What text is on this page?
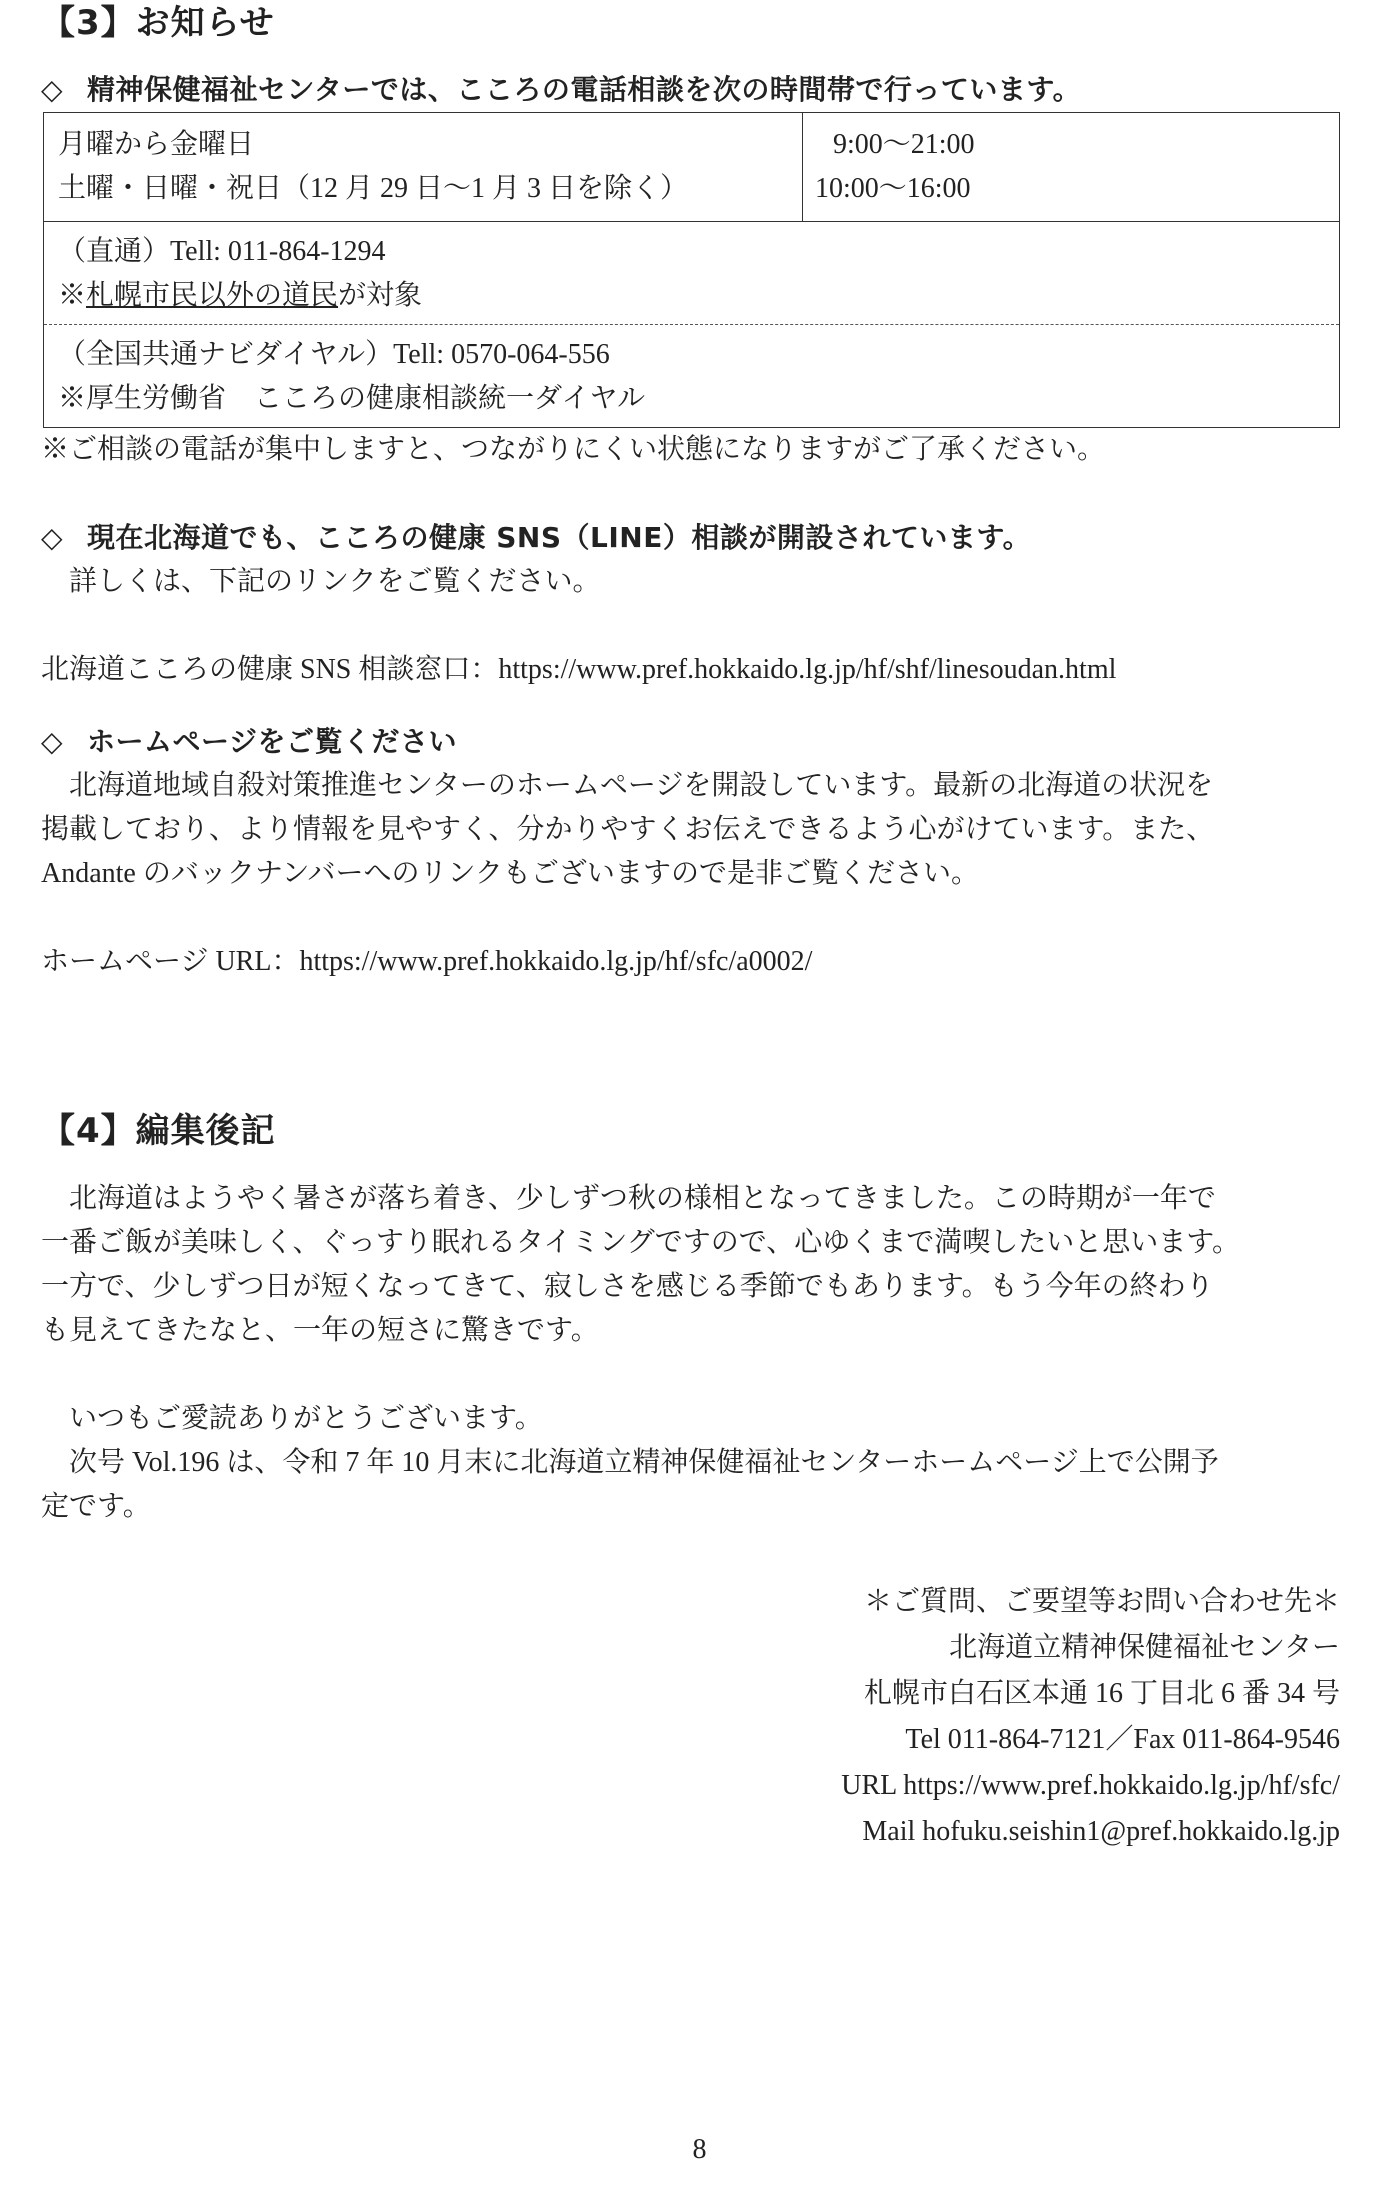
【3】お知らせ

◇ 精神保健福祉センターでは、こころの電話相談を次の時間帯で行っています。

月曜から金曜日
土曜・日曜・祝日（12 月 29 日〜1 月 3 日を除く）
9:00〜21:00
10:00〜16:00
（直通）Tell: 011-864-1294
※札幌市民以外の道民が対象
（全国共通ナビダイヤル）Tell: 0570-064-556
※厚生労働省　こころの健康相談統一ダイヤル

※ご相談の電話が集中しますと、つながりにくい状態になりますがご了承ください。

◇ 現在北海道でも、こころの健康 SNS（LINE）相談が開設されています。

詳しくは、下記のリンクをご覧ください。

北海道こころの健康 SNS 相談窓口：https://www.pref.hokkaido.lg.jp/hf/shf/linesoudan.html

◇ ホームページをご覧ください

北海道地域自殺対策推進センターのホームページを開設しています。最新の北海道の状況を

掲載しており、より情報を見やすく、分かりやすくお伝えできるよう心がけています。また、

Andante のバックナンバーへのリンクもございますので是非ご覧ください。

ホームページ URL：https://www.pref.hokkaido.lg.jp/hf/sfc/a0002/

【4】編集後記

北海道はようやく暑さが落ち着き、少しずつ秋の様相となってきました。この時期が一年で

一番ご飯が美味しく、ぐっすり眠れるタイミングですので、心ゆくまで満喫したいと思います。

一方で、少しずつ日が短くなってきて、寂しさを感じる季節でもあります。もう今年の終わり

も見えてきたなと、一年の短さに驚きです。

いつもご愛読ありがとうございます。

次号 Vol.196 は、令和 7 年 10 月末に北海道立精神保健福祉センターホームページ上で公開予

定です。

＊ご質問、ご要望等お問い合わせ先＊
北海道立精神保健福祉センター
札幌市白石区本通 16 丁目北 6 番 34 号
Tel 011-864-7121／Fax 011-864-9546
URL https://www.pref.hokkaido.lg.jp/hf/sfc/
Mail hofuku.seishin1@pref.hokkaido.lg.jp
8
